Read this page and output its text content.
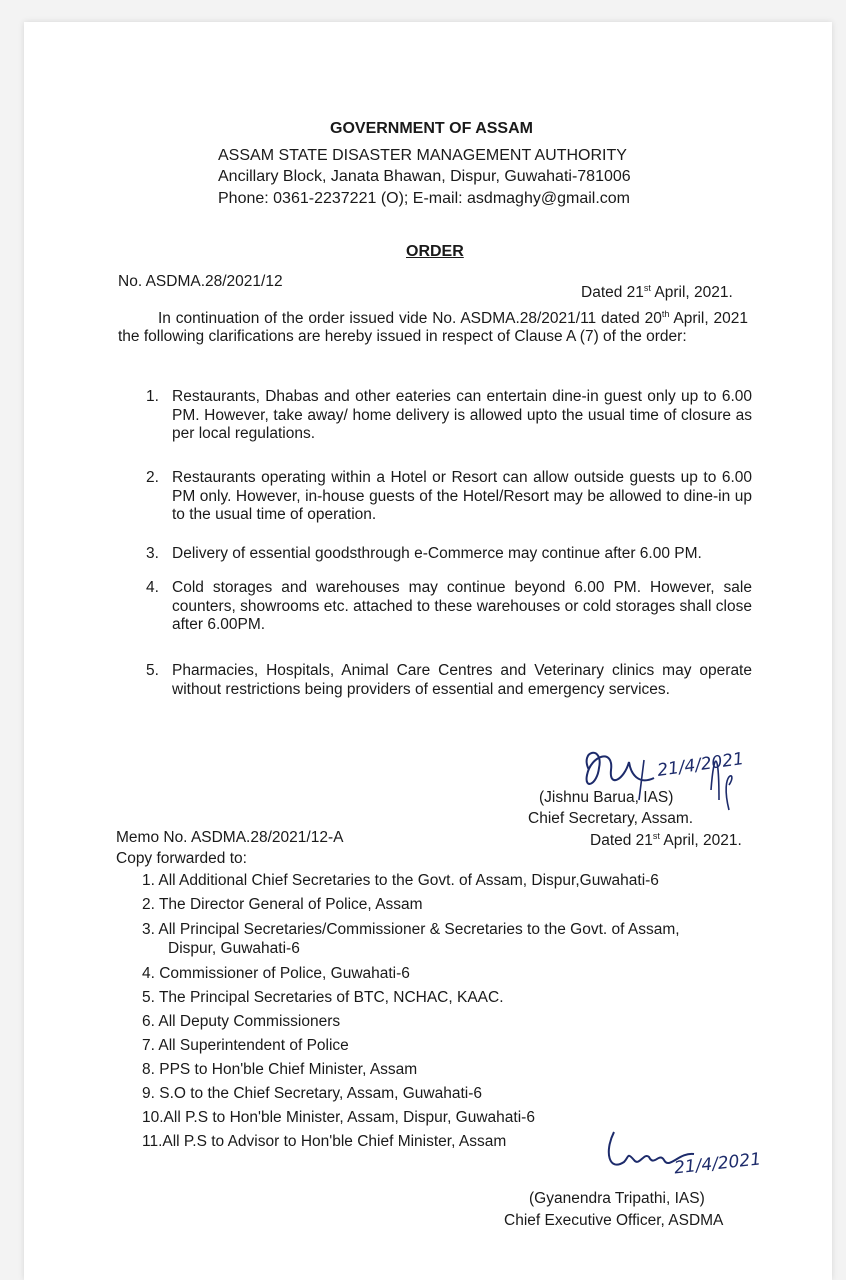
GOVERNMENT OF ASSAM
ASSAM STATE DISASTER MANAGEMENT AUTHORITY
Ancillary Block, Janata Bhawan, Dispur, Guwahati-781006
Phone: 0361-2237221 (O); E-mail: asdmaghy@gmail.com
ORDER
No. ASDMA.28/2021/12
Dated 21st April, 2021.
In continuation of the order issued vide No. ASDMA.28/2021/11 dated 20th April, 2021 the following clarifications are hereby issued in respect of Clause A (7) of the order:
1. Restaurants, Dhabas and other eateries can entertain dine-in guest only up to 6.00 PM. However, take away/ home delivery is allowed upto the usual time of closure as per local regulations.
2. Restaurants operating within a Hotel or Resort can allow outside guests up to 6.00 PM only. However, in-house guests of the Hotel/Resort may be allowed to dine-in up to the usual time of operation.
3. Delivery of essential goodsthrough e-Commerce may continue after 6.00 PM.
4. Cold storages and warehouses may continue beyond 6.00 PM. However, sale counters, showrooms etc. attached to these warehouses or cold storages shall close after 6.00PM.
5. Pharmacies, Hospitals, Animal Care Centres and Veterinary clinics may operate without restrictions being providers of essential and emergency services.
21/4/2021
(Jishnu Barua, IAS)
Chief Secretary, Assam.
Memo No. ASDMA.28/2021/12-A	Dated 21st April, 2021.
Copy forwarded to:
1. All Additional Chief Secretaries to the Govt. of Assam, Dispur,Guwahati-6
2. The Director General of Police, Assam
3. All Principal Secretaries/Commissioner & Secretaries to the Govt. of Assam,
Dispur, Guwahati-6
4. Commissioner of Police, Guwahati-6
5. The Principal Secretaries of BTC, NCHAC, KAAC.
6. All Deputy Commissioners
7. All Superintendent of Police
8. PPS to Hon'ble Chief Minister, Assam
9. S.O to the Chief Secretary, Assam, Guwahati-6
10.All P.S to Hon'ble Minister, Assam, Dispur, Guwahati-6
11.All P.S to Advisor to Hon'ble Chief Minister, Assam
21/4/2021
(Gyanendra Tripathi, IAS)
Chief Executive Officer, ASDMA
